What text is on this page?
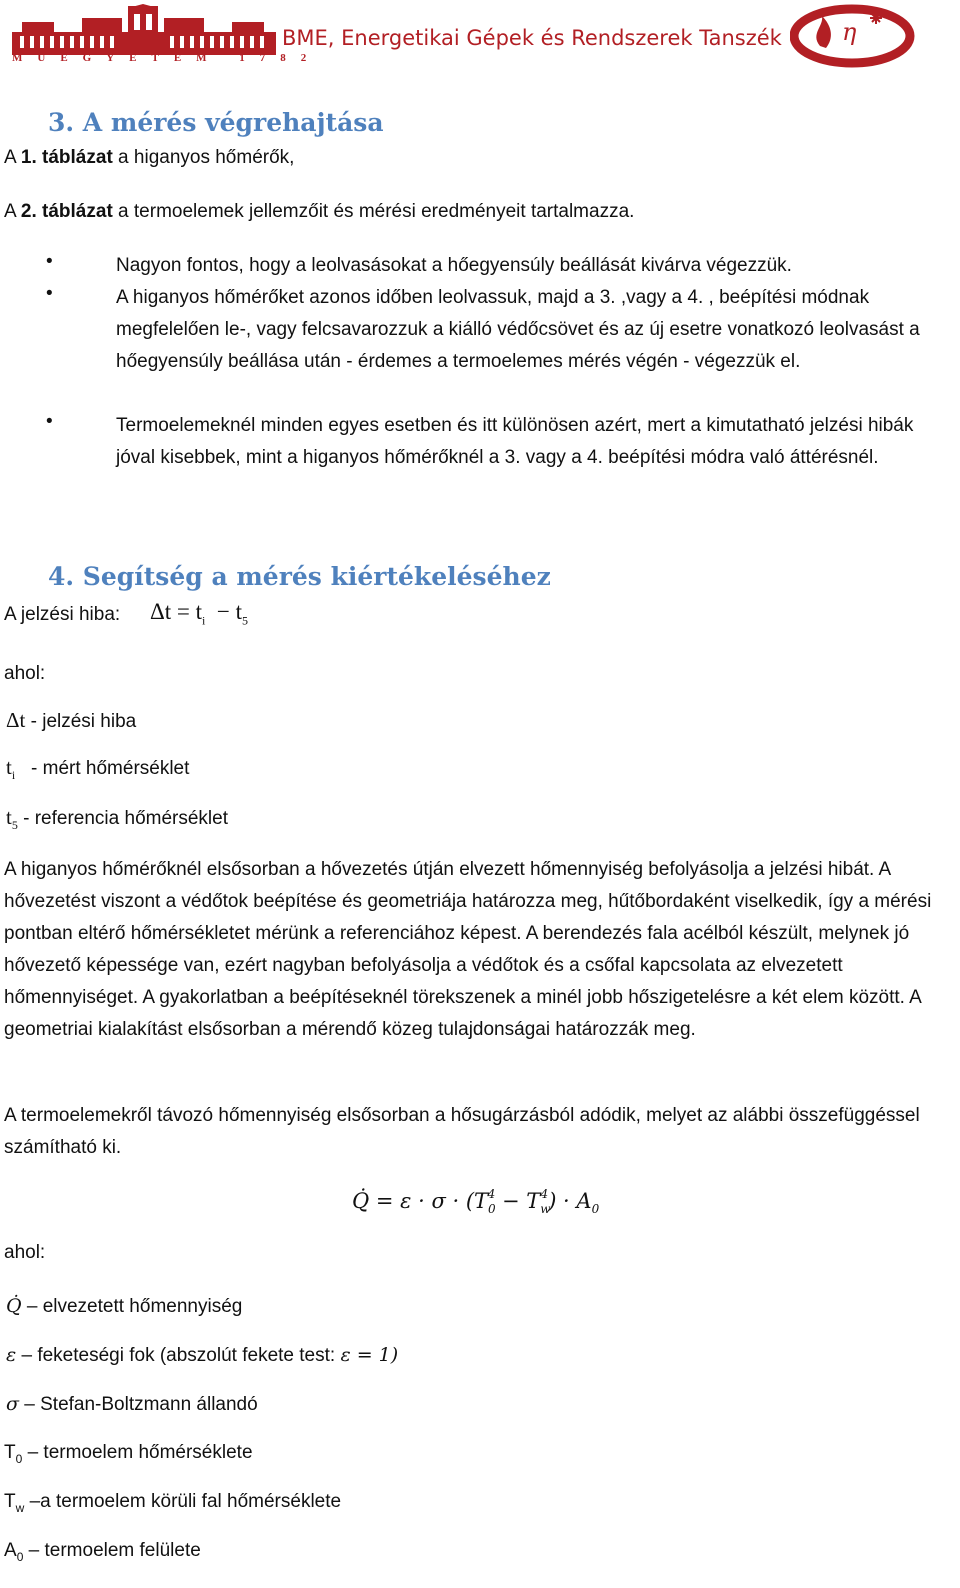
MŰEGYETEM 1782
BME, Energetikai Gépek és Rendszerek Tanszék	η
3. A mérés végrehajtása
A 1. táblázat a higanyos hőmérők,
A 2. táblázat a termoelemek jellemzőit és mérési eredményeit tartalmazza.
•	Nagyon fontos, hogy a leolvasásokat a hőegyensúly beállását kivárva végezzük.
•	A higanyos hőmérőket azonos időben leolvassuk, majd a 3. ,vagy a 4. , beépítési módnak megfelelően le-, vagy felcsavarozzuk a kiálló védőcsövet és az új esetre vonatkozó leolvasást a hőegyensúly beállása után - érdemes a termoelemes mérés végén - végezzük el.
•	Termoelemeknél minden egyes esetben és itt különösen azért, mert a kimutatható jelzési hibák jóval kisebbek, mint a higanyos hőmérőknél a 3. vagy a 4. beépítési módra való áttérésnél.
4. Segítség a mérés kiértékeléséhez
A jelzési hiba: $\Delta t = t_i - t_5$
ahol:
Δt - jelzési hiba
$t_i$ - mért hőmérséklet
$t_5$ - referencia hőmérséklet
A higanyos hőmérőknél elsősorban a hővezetés útján elvezett hőmennyiség befolyásolja a jelzési hibát. A hővezetést viszont a védőtok beépítése és geometriája határozza meg, hűtőbordaként viselkedik, így a mérési pontban eltérő hőmérsékletet mérünk a referenciához képest. A berendezés fala acélból készült, melynek jó hővezető képessége van, ezért nagyban befolyásolja a védőtok és a csőfal kapcsolata az elvezetett hőmennyiséget. A gyakorlatban a beépítéseknél törekszenek a minél jobb hőszigetelésre a két elem között. A geometriai kialakítást elsősorban a mérendő közeg tulajdonságai határozzák meg.
A termoelemekről távozó hőmennyiség elsősorban a hősugárzásból adódik, melyet az alábbi összefüggéssel számítható ki.
Q̇ = $\varepsilon \cdot \sigma \cdot (T_0^4 - T_w^4) \cdot A_0$
ahol:
Q̇ – elvezetett hőmennyiség
ε – feketeségi fok (abszolút fekete test: ε = 1)
σ – Stefan-Boltzmann állandó
$T_0$ – termoelem hőmérséklete
$T_w$ –a termoelem körüli fal hőmérséklete
$A_0$ – termoelem felülete
